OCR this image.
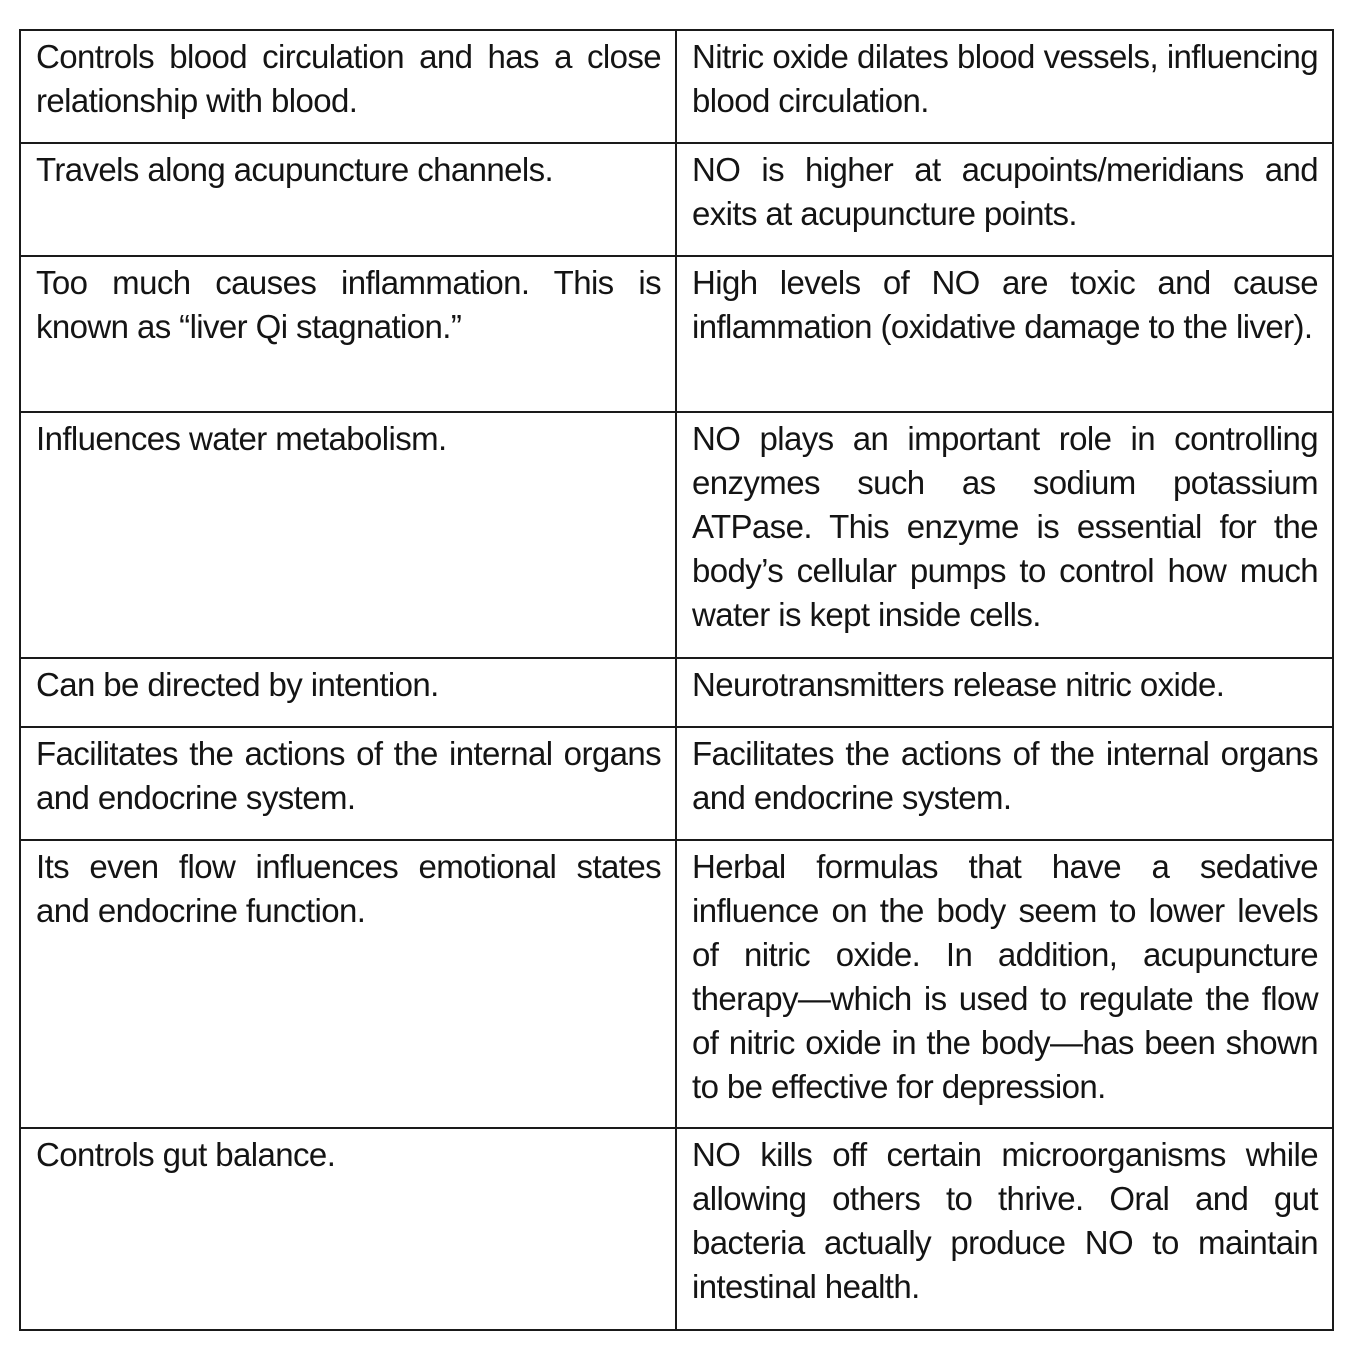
Controls blood circulation and has a close relationship with blood.	Nitric oxide dilates blood vessels, influencing blood circulation.

Travels along acupuncture channels.	NO is higher at acupoints/meridians and exits at acupuncture points.

Too much causes inflammation. This is known as “liver Qi stagnation.”	High levels of NO are toxic and cause inflammation (oxidative damage to the liver).

Influences water metabolism.	NO plays an important role in controlling enzymes such as sodium potassium ATPase. This enzyme is essential for the body’s cellular pumps to control how much water is kept inside cells.

Can be directed by intention.	Neurotransmitters release nitric oxide.

Facilitates the actions of the internal organs and endocrine system.	Facilitates the actions of the internal organs and endocrine system.

Its even flow influences emotional states and endocrine function.	Herbal formulas that have a sedative influence on the body seem to lower levels of nitric oxide. In addition, acupuncture therapy—which is used to regulate the flow of nitric oxide in the body—has been shown to be effective for depression.

Controls gut balance.	NO kills off certain microorganisms while allowing others to thrive. Oral and gut bacteria actually produce NO to maintain intestinal health.
